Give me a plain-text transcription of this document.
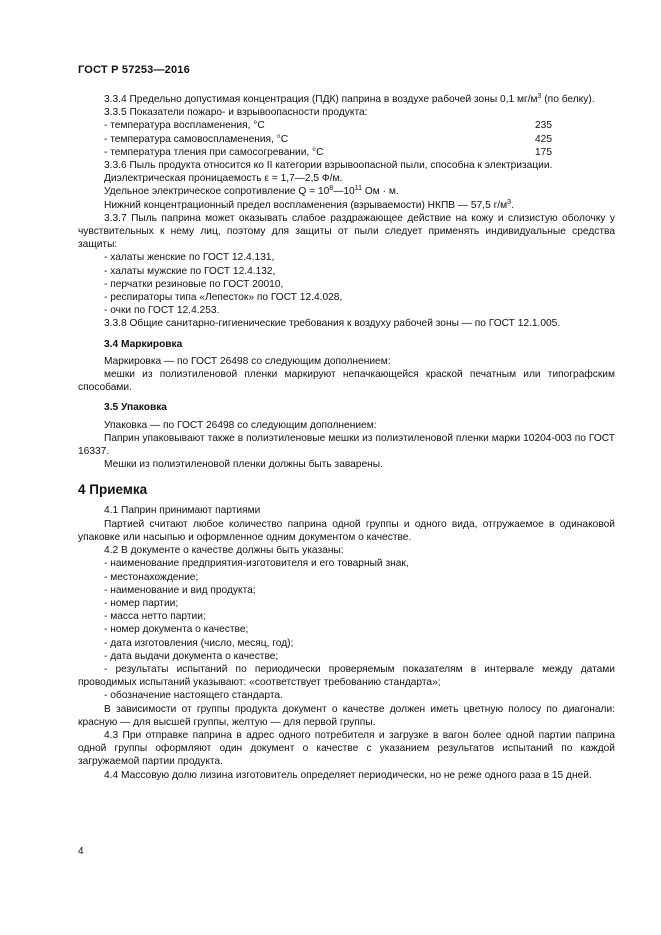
ГОСТ Р 57253—2016

3.3.4 Предельно допустимая концентрация (ПДК) паприна в воздухе рабочей зоны 0,1 $мг/м^3$ (по белку).

3.3.5 Показатели пожаро- и взрывоопасности продукта:

- температура воспламенения, °С	235
- температура самовоспламенения, °С	425
- температура тления при самосогревании, °С	175

3.3.6 Пыль продукта относится ко II категории взрывоопасной пыли, способна к электризации.

Диэлектрическая проницаемость ε = 1,7—2,5 Ф/м.

Удельное электрическое сопротивление $Q = 10^8—10^{11}$ Ом · м.

Нижний концентрационный предел воспламенения (взрываемости) НКПВ — 57,5 $г/м^3$.

3.3.7 Пыль паприна может оказывать слабое раздражающее действие на кожу и слизистую оболочку у чувствительных к нему лиц, поэтому для защиты от пыли следует применять индивидуальные средства защиты:

- халаты женские по ГОСТ 12.4.131,

- халаты мужские по ГОСТ 12.4.132,

- перчатки резиновые по ГОСТ 20010,

- респираторы типа «Лепесток» по ГОСТ 12.4.028,

- очки по ГОСТ 12.4.253.

3.3.8 Общие санитарно-гигиенические требования к воздуху рабочей зоны — по ГОСТ 12.1.005.

3.4 Маркировка

Маркировка — по ГОСТ 26498 со следующим дополнением:

мешки из полиэтиленовой пленки маркируют непачкающейся краской печатным или типографским способами.

3.5 Упаковка

Упаковка — по ГОСТ 26498 со следующим дополнением:

Паприн упаковывают также в полиэтиленовые мешки из полиэтиленовой пленки марки 10204-003 по ГОСТ 16337.

Мешки из полиэтиленовой пленки должны быть заварены.

4 Приемка

4.1 Паприн принимают партиями

Партией считают любое количество паприна одной группы и одного вида, отгружаемое в одинаковой упаковке или насыпью и оформленное одним документом о качестве.

4.2 В документе о качестве должны быть указаны:

- наименование предприятия-изготовителя и его товарный знак,

- местонахождение;

- наименование и вид продукта;

- номер партии;

- масса нетто партии;

- номер документа о качестве;

- дата изготовления (число, месяц, год);

- дата выдачи документа о качестве;

- результаты испытаний по периодически проверяемым показателям в интервале между датами проводимых испытаний указывают: «соответствует требованию стандарта»;

- обозначение настоящего стандарта.

В зависимости от группы продукта документ о качестве должен иметь цветную полосу по диагонали: красную — для высшей группы, желтую — для первой группы.

4.3 При отправке паприна в адрес одного потребителя и загрузке в вагон более одной партии паприна одной группы оформляют один документ о качестве с указанием результатов испытаний по каждой загружаемой партии продукта.

4.4 Массовую долю лизина изготовитель определяет периодически, но не реже одного раза в 15 дней.

4
